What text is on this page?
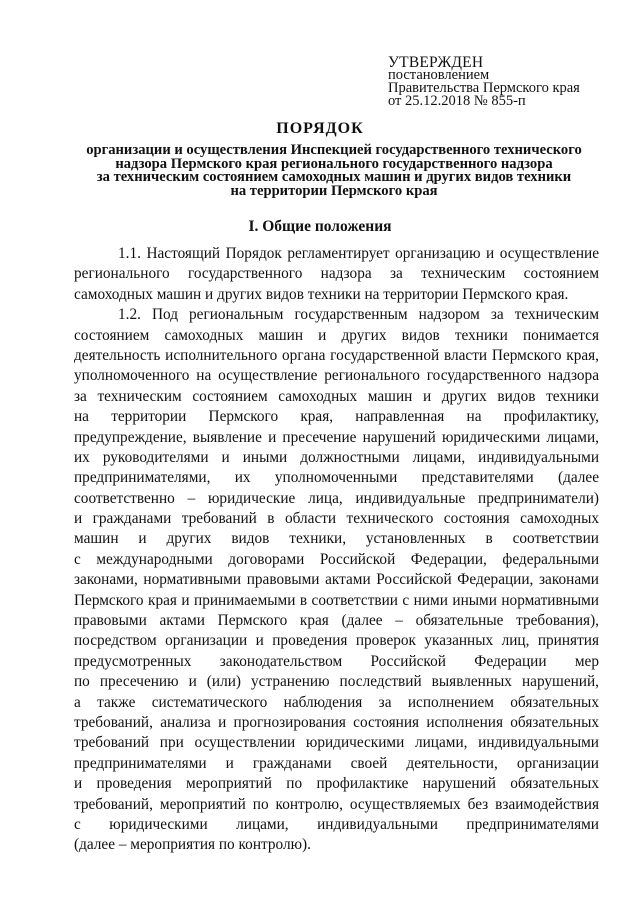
УТВЕРЖДЕН
постановлением
Правительства Пермского края
от 25.12.2018 № 855-п
ПОРЯДОК
организации и осуществления Инспекцией государственного технического
надзора Пермского края регионального государственного надзора
за техническим состоянием самоходных машин и других видов техники
на территории Пермского края
I. Общие положения
1.1. Настоящий Порядок регламентирует организацию и осуществление
регионального государственного надзора за техническим состоянием
самоходных машин и других видов техники на территории Пермского края.
1.2. Под региональным государственным надзором за техническим
состоянием самоходных машин и других видов техники понимается
деятельность исполнительного органа государственной власти Пермского края,
уполномоченного на осуществление регионального государственного надзора
за техническим состоянием самоходных машин и других видов техники
на территории Пермского края, направленная на профилактику,
предупреждение, выявление и пресечение нарушений юридическими лицами,
их руководителями и иными должностными лицами, индивидуальными
предпринимателями, их уполномоченными представителями (далее
соответственно – юридические лица, индивидуальные предприниматели)
и гражданами требований в области технического состояния самоходных
машин и других видов техники, установленных в соответствии
с международными договорами Российской Федерации, федеральными
законами, нормативными правовыми актами Российской Федерации, законами
Пермского края и принимаемыми в соответствии с ними иными нормативными
правовыми актами Пермского края (далее – обязательные требования),
посредством организации и проведения проверок указанных лиц, принятия
предусмотренных законодательством Российской Федерации мер
по пресечению и (или) устранению последствий выявленных нарушений,
а также систематического наблюдения за исполнением обязательных
требований, анализа и прогнозирования состояния исполнения обязательных
требований при осуществлении юридическими лицами, индивидуальными
предпринимателями и гражданами своей деятельности, организации
и проведения мероприятий по профилактике нарушений обязательных
требований, мероприятий по контролю, осуществляемых без взаимодействия
с юридическими лицами, индивидуальными предпринимателями
(далее – мероприятия по контролю).
